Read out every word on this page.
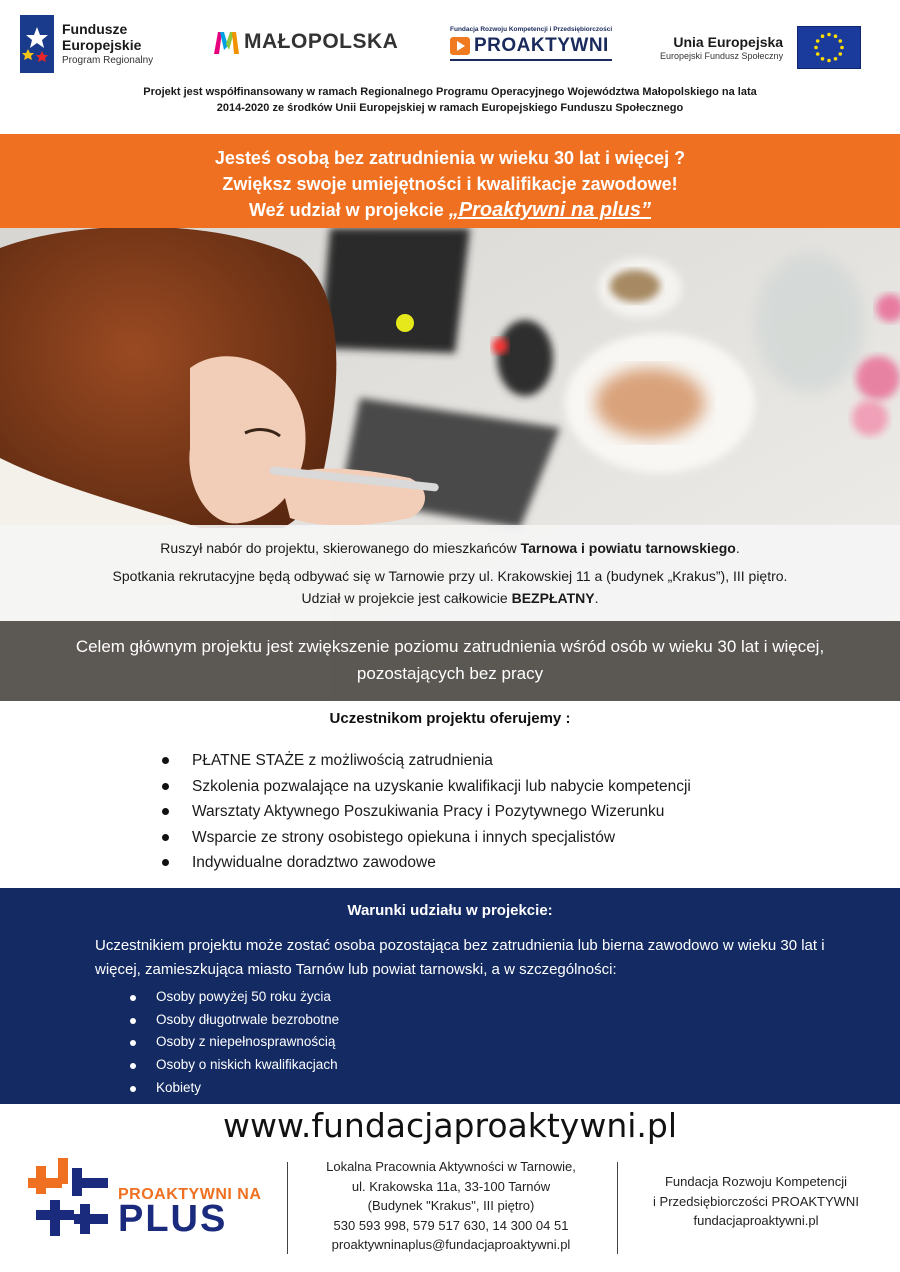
Fundusze
Europejskie
Program Regionalny
MAŁOPOLSKA
Fundacja Rozwoju Kompetencji i Przedsiębiorczości
PROAKTYWNI	Unia Europejska
Europejski Fundusz Społeczny
Projekt jest współfinansowany w ramach Regionalnego Programu Operacyjnego Województwa Małopolskiego na lata
2014-2020 ze środków Unii Europejskiej w ramach Europejskiego Funduszu Społecznego
Jesteś osobą bez zatrudnienia w wieku 30 lat i więcej ?
Zwiększ swoje umiejętności i kwalifikacje zawodowe!
Weź udział w projekcie „Proaktywni na plus”

Ruszył nabór do projektu, skierowanego do mieszkańców Tarnowa i powiatu tarnowskiego.

Spotkania rekrutacyjne będą odbywać się w Tarnowie przy ul. Krakowskiej 11 a (budynek „Krakus”), III piętro.

Udział w projekcie jest całkowicie BEZPŁATNY.

Celem głównym projektu jest zwiększenie poziomu zatrudnienia wśród osób w wieku 30 lat i więcej,
pozostających bez pracy
Uczestnikom projektu oferujemy :
PŁATNE STAŻE z możliwością zatrudnienia
Szkolenia pozwalające na uzyskanie kwalifikacji lub nabycie kompetencji
Warsztaty Aktywnego Poszukiwania Pracy i Pozytywnego Wizerunku
Wsparcie ze strony osobistego opiekuna i innych specjalistów
Indywidualne doradztwo zawodowe
Warunki udziału w projekcie:
Uczestnikiem projektu może zostać osoba pozostająca bez zatrudnienia lub bierna zawodowo w wieku 30 lat i więcej, zamieszkująca miasto Tarnów lub powiat tarnowski, a w szczególności:
Osoby powyżej 50 roku życia
Osoby długotrwale bezrobotne
Osoby z niepełnosprawnością
Osoby o niskich kwalifikacjach
Kobiety
www.fundacjaproaktywni.pl
PROAKTYWNI NA
PLUS
Lokalna Pracownia Aktywności w Tarnowie,
ul. Krakowska 11a, 33-100 Tarnów
(Budynek "Krakus", III piętro)
530 593 998, 579 517 630, 14 300 04 51
proaktywninaplus@fundacjaproaktywni.pl
Fundacja Rozwoju Kompetencji
i Przedsiębiorczości PROAKTYWNI
fundacjaproaktywni.pl
